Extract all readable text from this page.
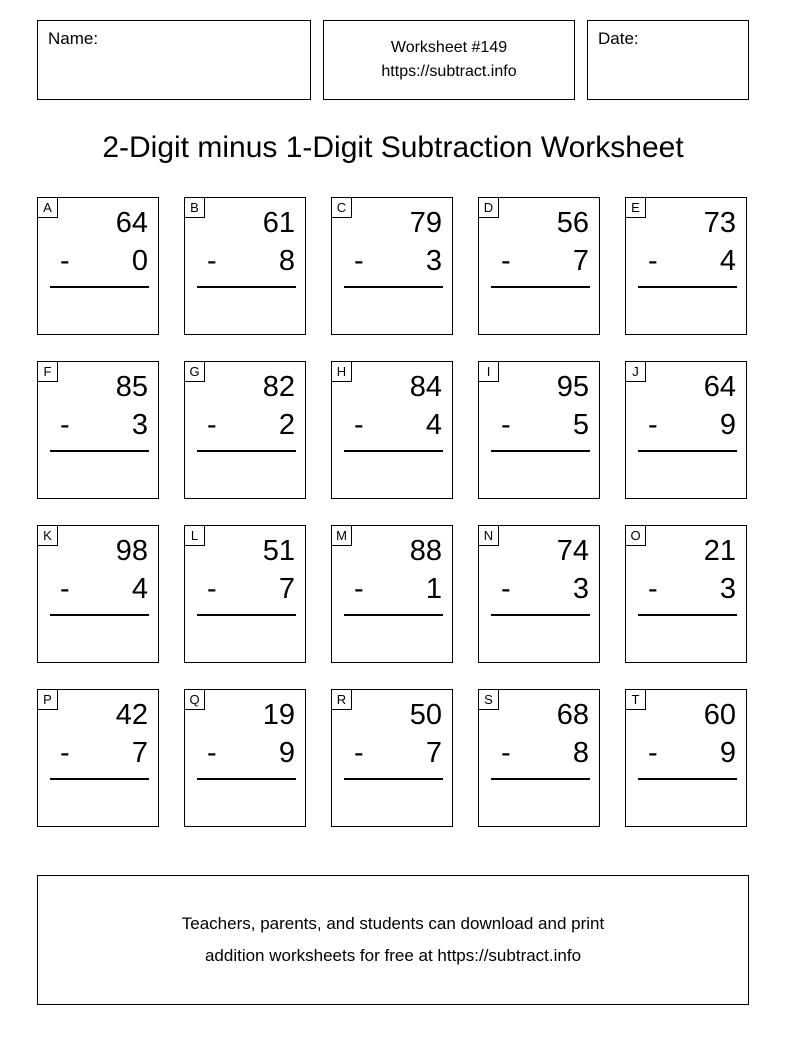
Name:	Worksheet #149
https://subtract.info
Date:
2-Digit minus 1-Digit Subtraction Worksheet
A	64
- 0
B	61
- 8
C	79
- 3
D	56
- 7
E	73
- 4
F	85
- 3
G	82
- 2
H	84
- 4
I	95
- 5
J	64
- 9
K	98
- 4
L	51
- 7
M	88
- 1
N	74
- 3
O	21
- 3
P	42
- 7
Q	19
- 9
R	50
- 7
S	68
- 8
T	60
- 9
Teachers, parents, and students can download and print
addition worksheets for free at https://subtract.info
